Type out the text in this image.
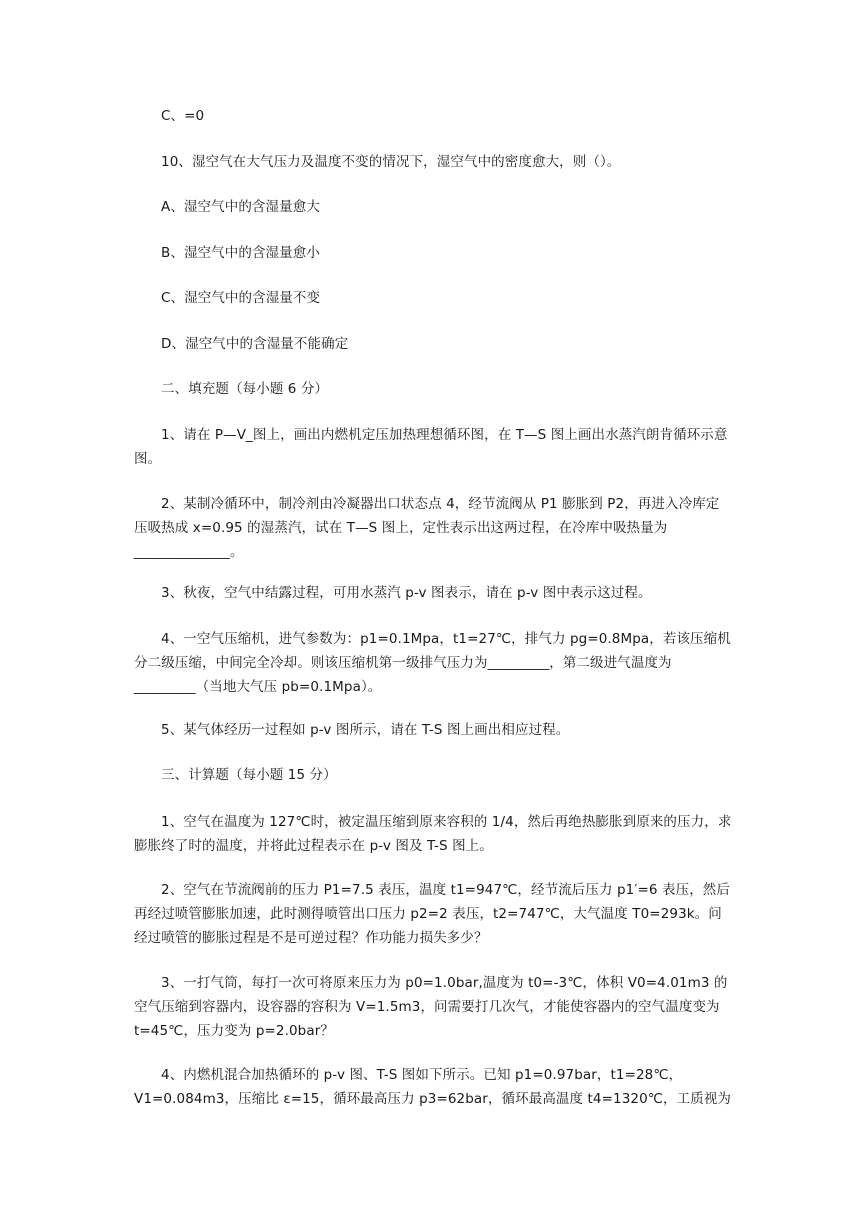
C、=0
10、湿空气在大气压力及温度不变的情况下，湿空气中的密度愈大，则（）。
A、湿空气中的含湿量愈大
B、湿空气中的含湿量愈小
C、湿空气中的含湿量不变
D、湿空气中的含湿量不能确定
二、填充题（每小题 6 分）
1、请在 P—V_图上，画出内燃机定压加热理想循环图，在 T—S 图上画出水蒸汽朗肯循环示意图。
2、某制冷循环中，制冷剂由冷凝器出口状态点 4，经节流阀从 P1 膨胀到 P2，再进入冷库定压吸热成 x=0.95 的湿蒸汽，试在 T—S 图上，定性表示出这两过程，在冷库中吸热量为______________。
3、秋夜，空气中结露过程，可用水蒸汽 p-v 图表示，请在 p-v 图中表示这过程。
4、一空气压缩机，进气参数为：p1=0.1Mpa，t1=27℃，排气力 pg=0.8Mpa，若该压缩机分二级压缩，中间完全冷却。则该压缩机第一级排气压力为_________，第二级进气温度为_________（当地大气压 pb=0.1Mpa）。
5、某气体经历一过程如 p-v 图所示，请在 T-S 图上画出相应过程。
三、计算题（每小题 15 分）
1、空气在温度为 127℃时，被定温压缩到原来容积的 1/4，然后再绝热膨胀到原来的压力，求膨胀终了时的温度，并将此过程表示在 p-v 图及 T-S 图上。
2、空气在节流阀前的压力 P1=7.5 表压，温度 t1=947℃，经节流后压力 p1′=6 表压，然后再经过喷管膨胀加速，此时测得喷管出口压力 p2=2 表压，t2=747℃，大气温度 T0=293k。问经过喷管的膨胀过程是不是可逆过程？作功能力损失多少？
3、一打气筒，每打一次可将原来压力为 p0=1.0bar,温度为 t0=-3℃，体积 V0=4.01m3 的空气压缩到容器内，设容器的容积为 V=1.5m3，问需要打几次气，才能使容器内的空气温度变为 t=45℃，压力变为 p=2.0bar？
4、内燃机混合加热循环的 p-v 图、T-S 图如下所示。已知 p1=0.97bar，t1=28℃，V1=0.084m3，压缩比 ε=15，循环最高压力 p3=62bar，循环最高温度 t4=1320℃，工质视为
